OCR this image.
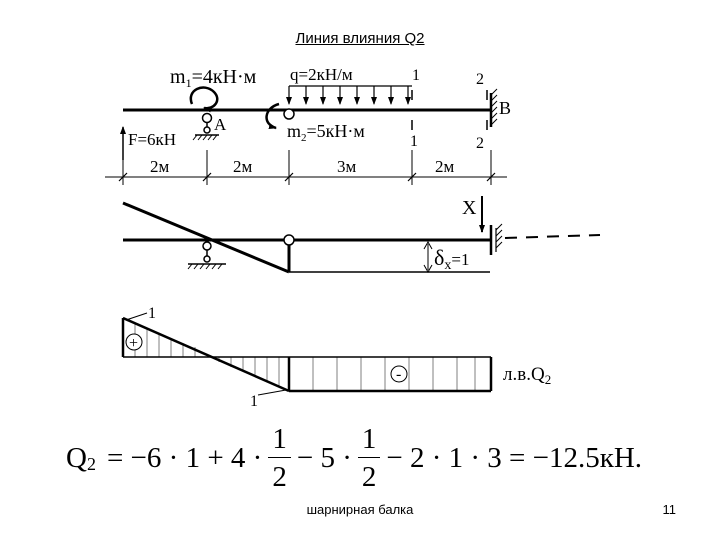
Линия влияния Q2
B
2
2
A
F=6кН
$m_1=4кН\cdot м$ q=2кН/м	1
1
$m_2=5кН\cdot м$
2м	2м	3м	2м
X
δx=1
1
1
+
-	$л.в.Q_2$
Q $2 = -6 \cdot 1 + 4 \cdot \frac{1}{2} - 5 \cdot \frac{1}{2} - 2 \cdot 1 \cdot 3 = -12.5кН$.
шарнирная балка	11
